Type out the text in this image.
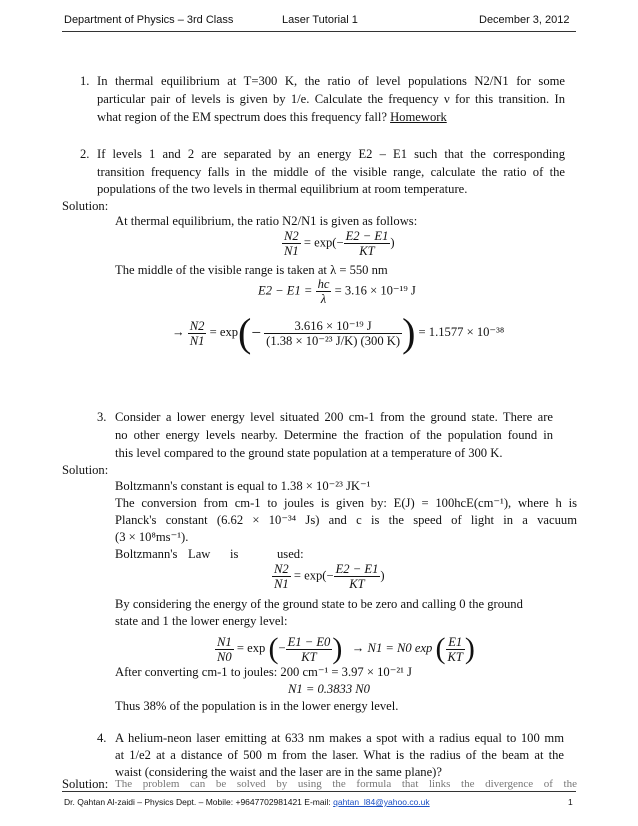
Department of Physics – 3rd Class	Laser Tutorial 1	December 3, 2012
1. In thermal equilibrium at T=300 K, the ratio of level populations N2/N1 for some
particular pair of levels is given by 1/e. Calculate the frequency ν for this transition. In
what region of the EM spectrum does this frequency fall? Homework
2. If levels 1 and 2 are separated by an energy E2 – E1 such that the corresponding
transition frequency falls in the middle of the visible range, calculate the ratio of the
populations of the two levels in thermal equilibrium at room temperature.
Solution:
At thermal equilibrium, the ratio N2/N1 is given as follows:
$\frac{N2}{N1} = \exp(- \frac{E2 - E1}{KT}$ )
The middle of the visible range is taken at λ = 550 nm
$E2 - E1 = \frac{hc}{\lambda} = 3.16 \times 10^{-19}$ J
→ $\frac{N2}{N1} = \exp(- \frac{\text{3.616 × 10⁻¹⁹ J}}{\text{(1.38 × 10⁻²³ J/K) (300 K)}}$ ) = 1.1577 × 10⁻³⁸
3. Consider a lower energy level situated 200 cm-1 from the ground state. There are
no other energy levels nearby. Determine the fraction of the population found in
this level compared to the ground state population at a temperature of 300 K.
Solution:
Boltzmann's constant is equal to 1.38 × 10⁻²³ JK⁻¹
The conversion from cm-1 to joules is given by: E(J) = 100hcE(cm⁻¹), where h is
Planck's constant (6.62 × 10⁻³⁴ Js) and c is the speed of light in a vacuum
(3 × 10⁸ms⁻¹).
Boltzmann's Law is	used:
$\frac{N2}{N1} = \exp(- \frac{E2 - E1}{KT}$ )
By considering the energy of the ground state to be zero and calling 0 the ground
state and 1 the lower energy level:
$\frac{N1}{N0} = \exp$ (− $\frac{E1 - E0}{KT}$ ) → N1 = N0 exp ( $\frac{E1}{KT}$ )
After converting cm-1 to joules: 200 cm⁻¹ = 3.97 × 10⁻²¹ J
N1 = 0.3833 N0
Thus 38% of the population is in the lower energy level.
4. A helium-neon laser emitting at 633 nm makes a spot with a radius equal to 100 mm
at 1/e2 at a distance of 500 m from the laser. What is the radius of the beam at the
waist (considering the waist and the laser are in the same plane)?
Solution: The problem can be solved by using the formula that links the divergence of the
Dr. Qahtan Al-zaidi – Physics Dept. – Mobile: +9647702981421 E-mail: qahtan_l84@yahoo.co.uk	1
